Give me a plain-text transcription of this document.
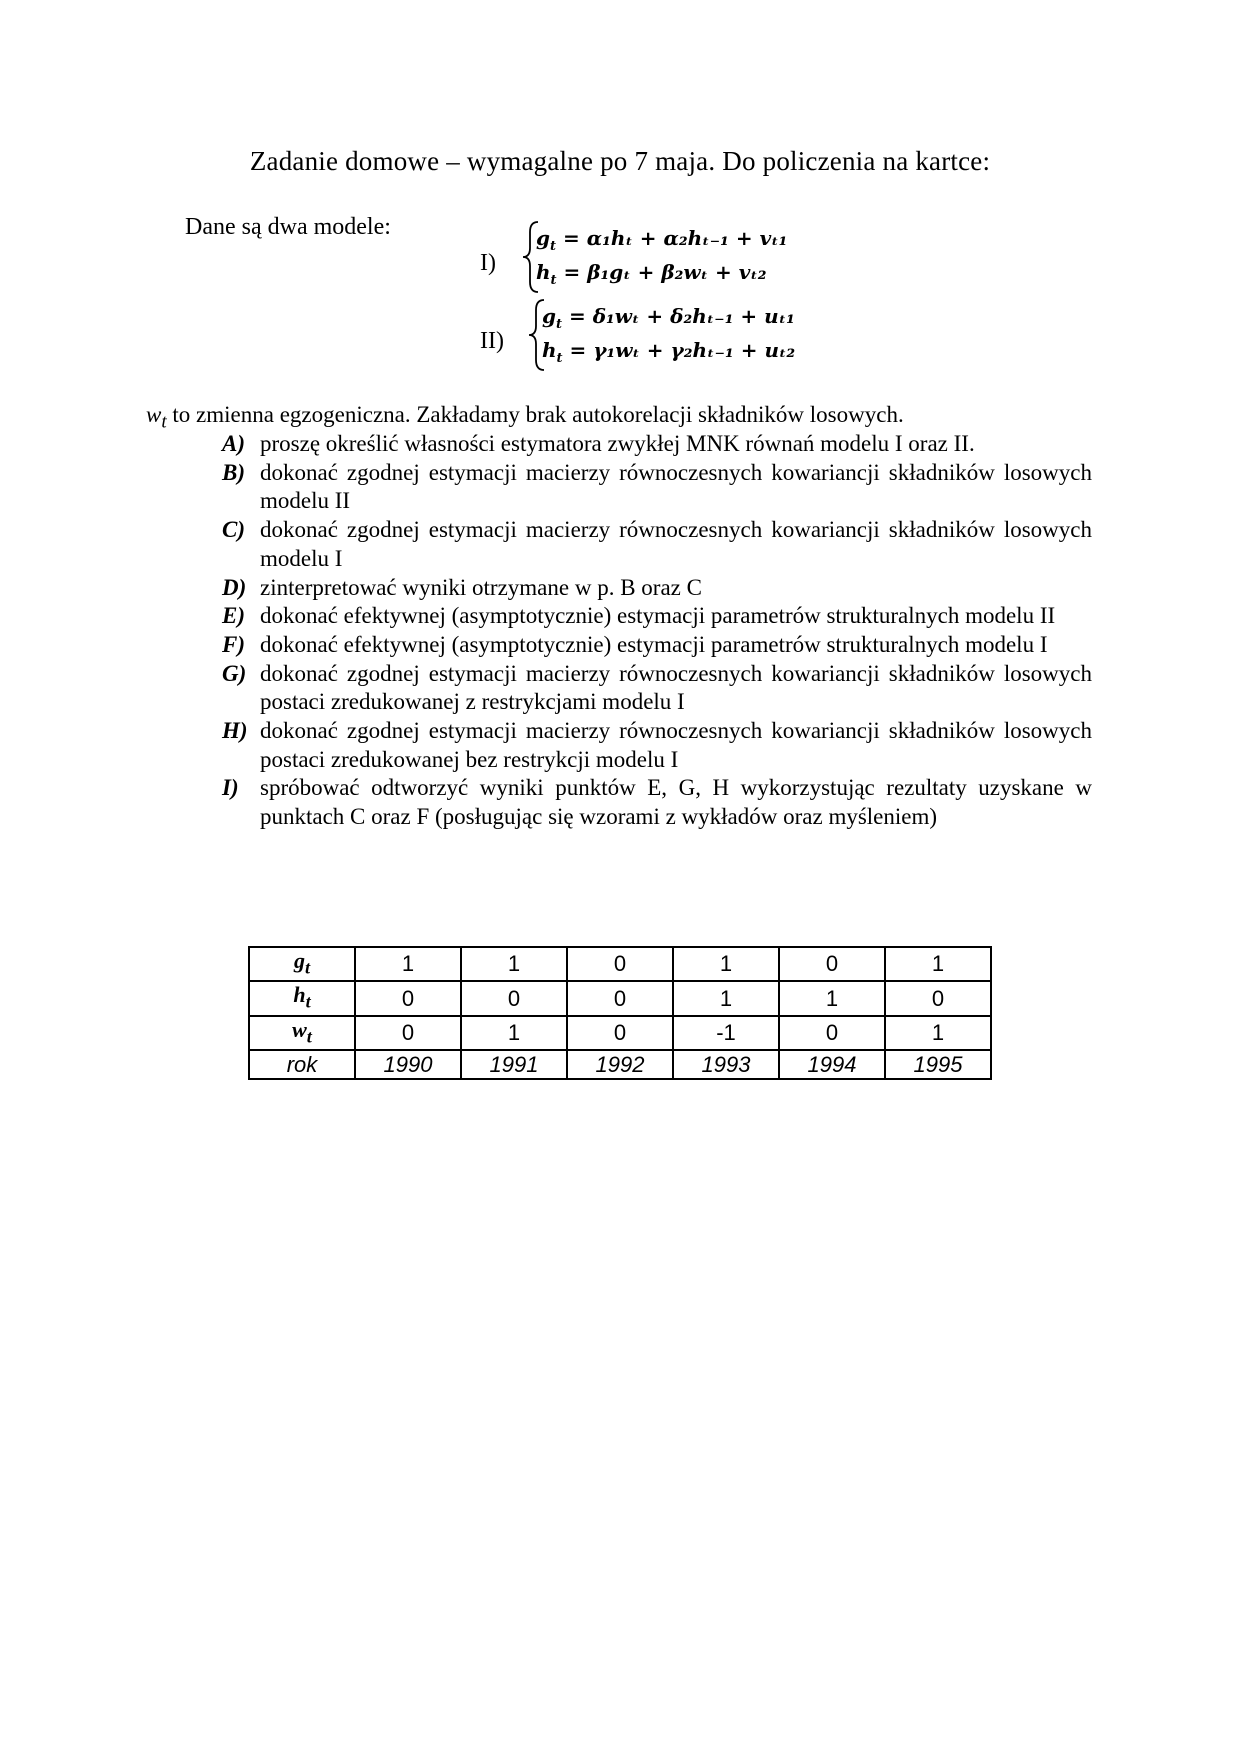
Zadanie domowe – wymagalne po 7 maja. Do policzenia na kartce:
Dane są dwa modele:
I)
$g_t = \alpha_1h_t + \alpha_2h_{t-1} + v_{t1}$
$h_t = \beta_1g_t + \beta_2w_t + v_{t2}$
II)
$g_t = \delta_1w_t + \delta_2h_{t-1} + u_{t1}$
$h_t = \gamma_1w_t + \gamma_2h_{t-1} + u_{t2}$
$w_t$ to zmienna egzogeniczna. Zakładamy brak autokorelacji składników losowych.
A) proszę określić własności estymatora zwykłej MNK równań modelu I oraz II.
B) dokonać zgodnej estymacji macierzy równoczesnych kowariancji składników losowych modelu II
C) dokonać zgodnej estymacji macierzy równoczesnych kowariancji składników losowych modelu I
D) zinterpretować wyniki otrzymane w p. B oraz C
E) dokonać efektywnej (asymptotycznie) estymacji parametrów strukturalnych modelu II
F) dokonać efektywnej (asymptotycznie) estymacji parametrów strukturalnych modelu I
G) dokonać zgodnej estymacji macierzy równoczesnych kowariancji składników losowych postaci zredukowanej z restrykcjami modelu I
H) dokonać zgodnej estymacji macierzy równoczesnych kowariancji składników losowych postaci zredukowanej bez restrykcji modelu I
I) spróbować odtworzyć wyniki punktów E, G, H wykorzystując rezultaty uzyskane w punktach C oraz F (posługując się wzorami z wykładów oraz myśleniem)
$g_t$	1	1	0	1	0	1
$h_t$	0	0	0	1	1	0
$w_t$	0	1	0	-1	0	1
rok	1990	1991	1992	1993	1994	1995
